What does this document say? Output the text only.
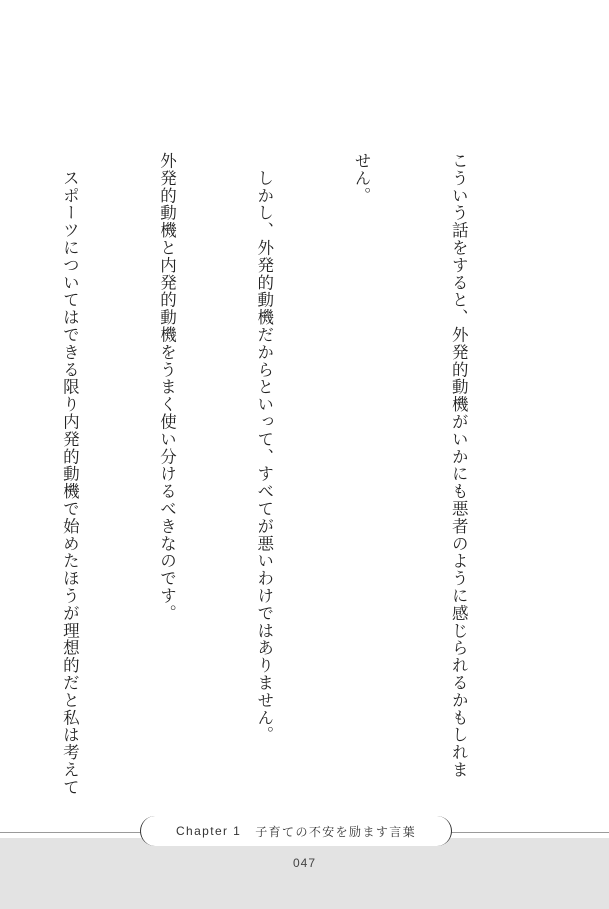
こういう話をすると、外発的動機がいかにも悪者のように感じられるかもしれま

せん。

　しかし、外発的動機だからといって、すべてが悪いわけではありません。

外発的動機と内発的動機をうまく使い分けるべきなのです。

　スポーツについてはできる限り内発的動機で始めたほうが理想的だと私は考えて

Chapter 1 子育ての不安を励ます言葉
047
